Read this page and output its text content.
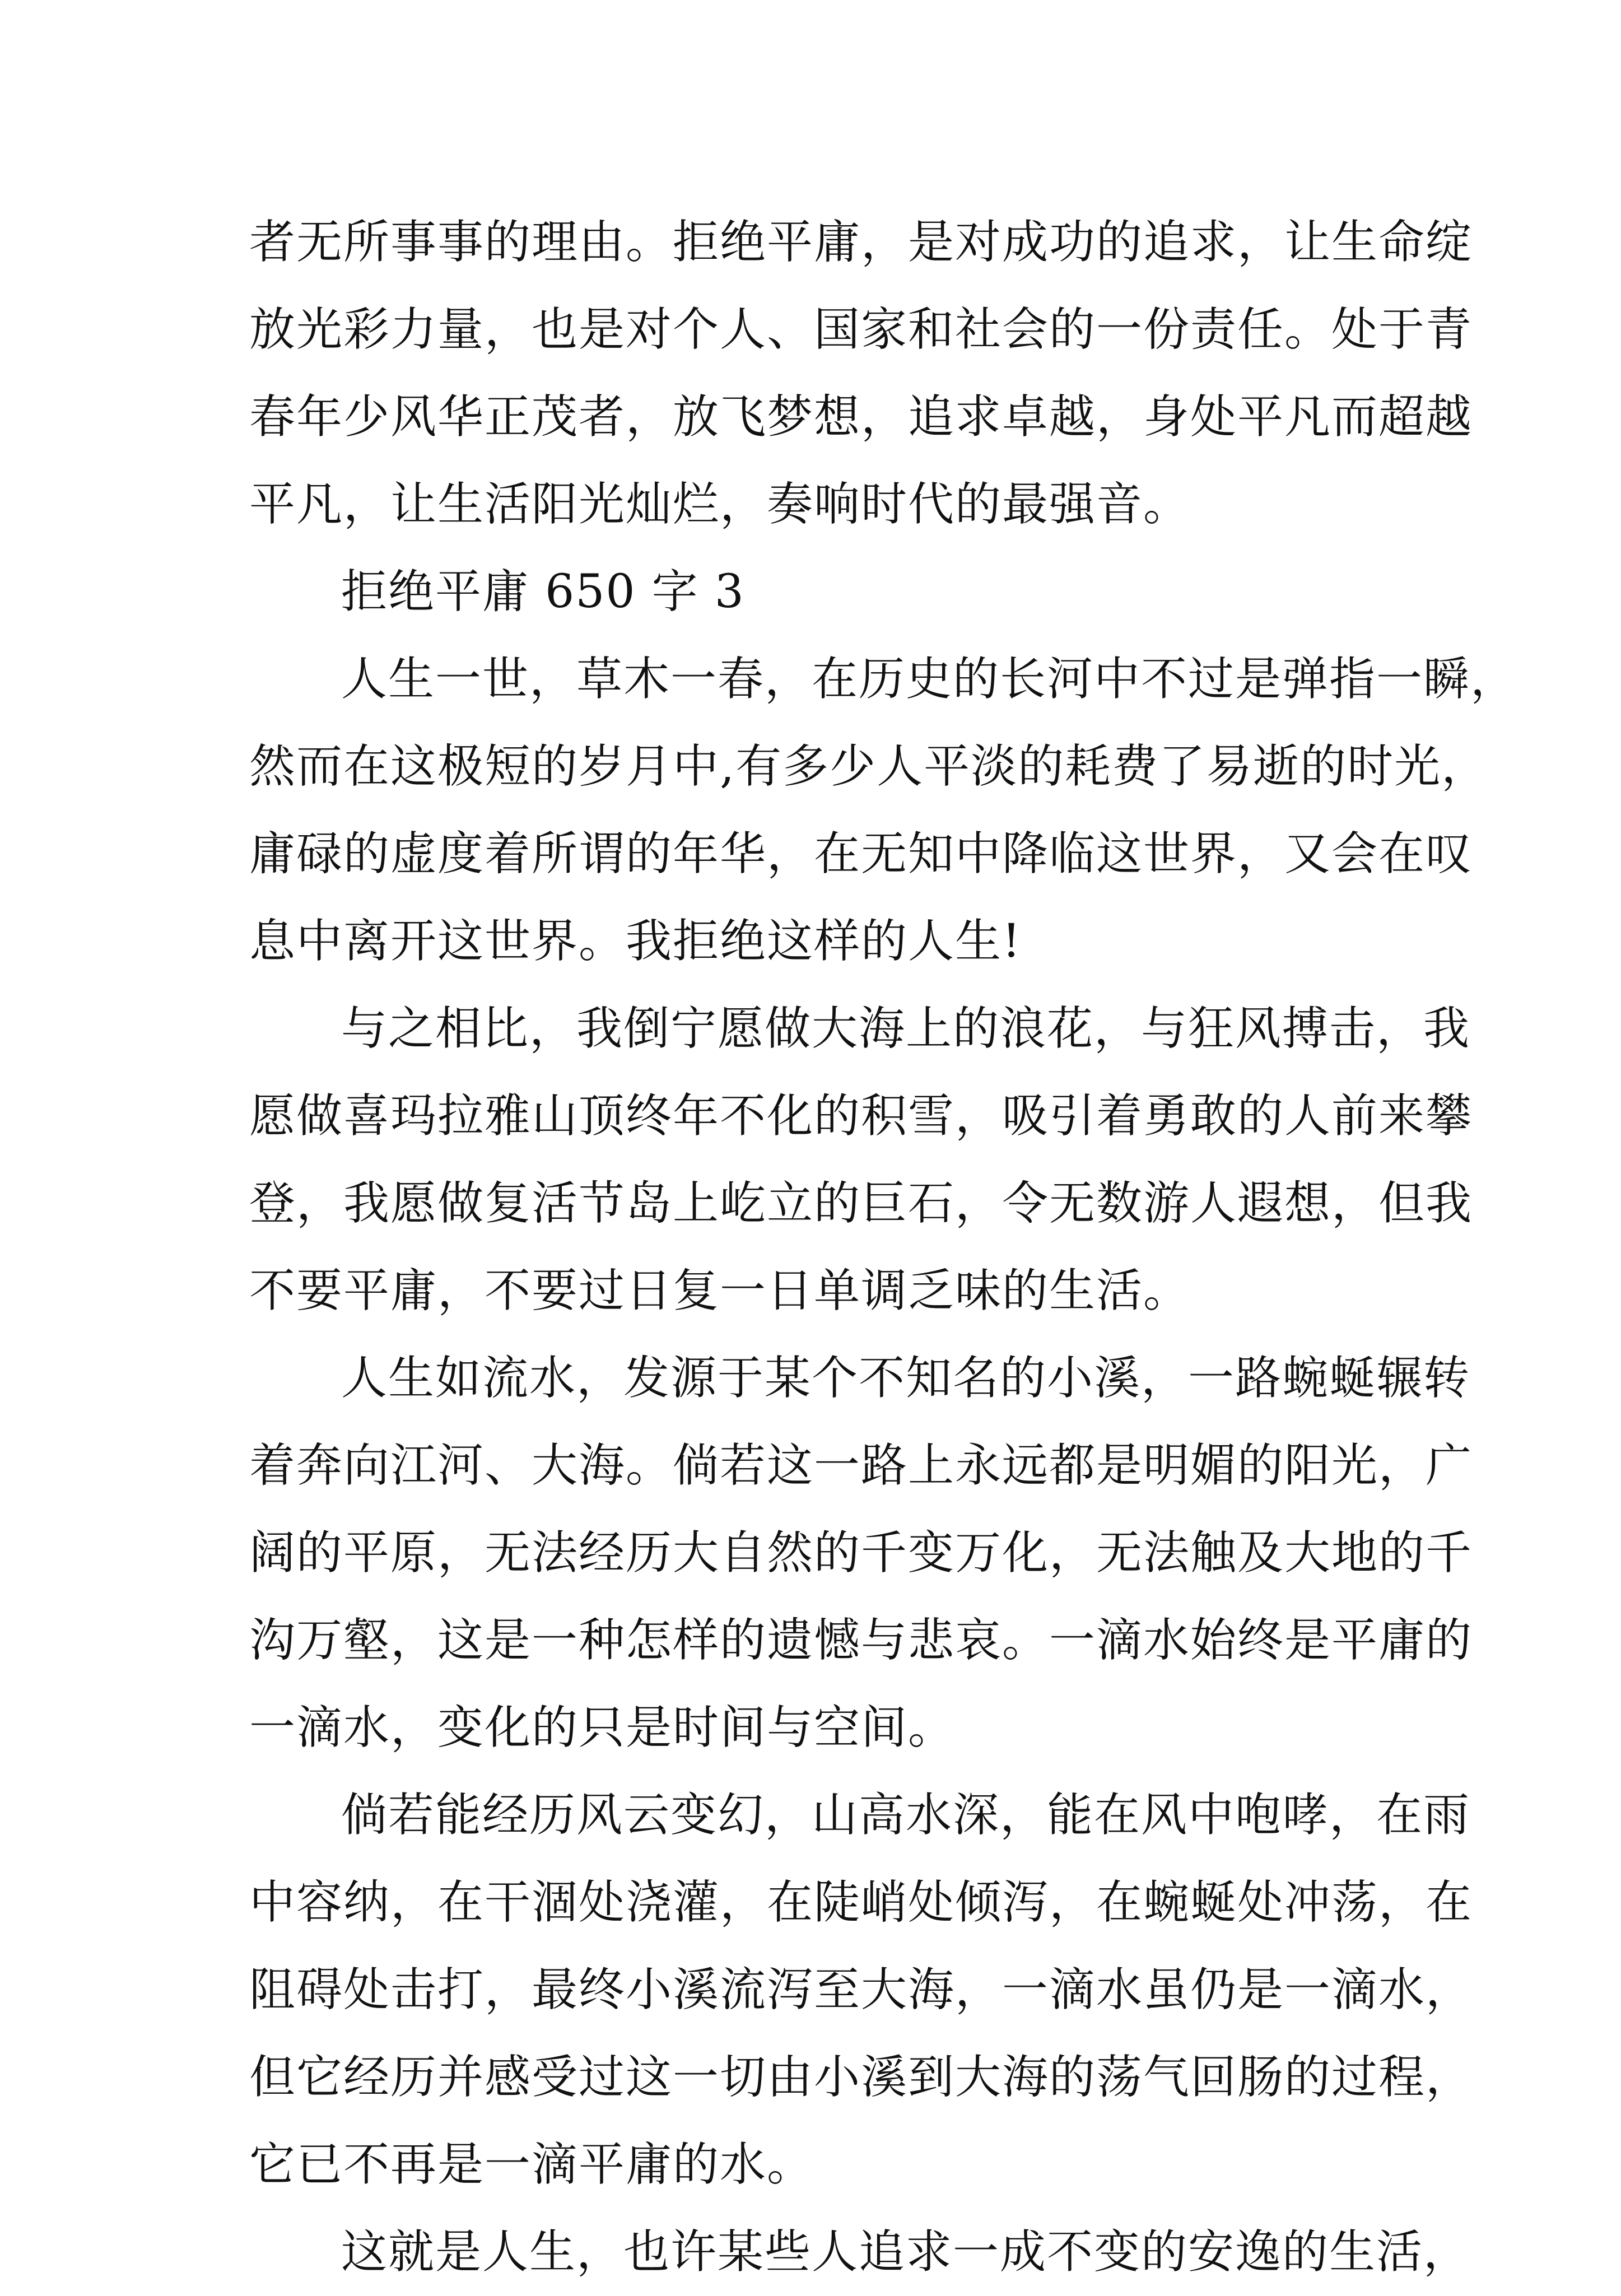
者无所事事的理由。拒绝平庸，是对成功的追求，让生命绽
放光彩力量，也是对个人、国家和社会的一份责任。处于青
春年少风华正茂者，放飞梦想，追求卓越，身处平凡而超越
平凡，让生活阳光灿烂，奏响时代的最强音。
拒绝平庸 650 字 3
人生一世，草木一春，在历史的长河中不过是弹指一瞬，
然而在这极短的岁月中,有多少人平淡的耗费了易逝的时光，
庸碌的虚度着所谓的年华，在无知中降临这世界，又会在叹
息中离开这世界。我拒绝这样的人生!
与之相比，我倒宁愿做大海上的浪花，与狂风搏击，我
愿做喜玛拉雅山顶终年不化的积雪，吸引着勇敢的人前来攀
登，我愿做复活节岛上屹立的巨石，令无数游人遐想，但我
不要平庸，不要过日复一日单调乏味的生活。
人生如流水，发源于某个不知名的小溪，一路蜿蜒辗转
着奔向江河、大海。倘若这一路上永远都是明媚的阳光，广
阔的平原，无法经历大自然的千变万化，无法触及大地的千
沟万壑，这是一种怎样的遗憾与悲哀。一滴水始终是平庸的
一滴水，变化的只是时间与空间。
倘若能经历风云变幻，山高水深，能在风中咆哮，在雨
中容纳，在干涸处浇灌，在陡峭处倾泻，在蜿蜒处冲荡，在
阻碍处击打，最终小溪流泻至大海，一滴水虽仍是一滴水，
但它经历并感受过这一切由小溪到大海的荡气回肠的过程，
它已不再是一滴平庸的水。
这就是人生，也许某些人追求一成不变的安逸的生活，
